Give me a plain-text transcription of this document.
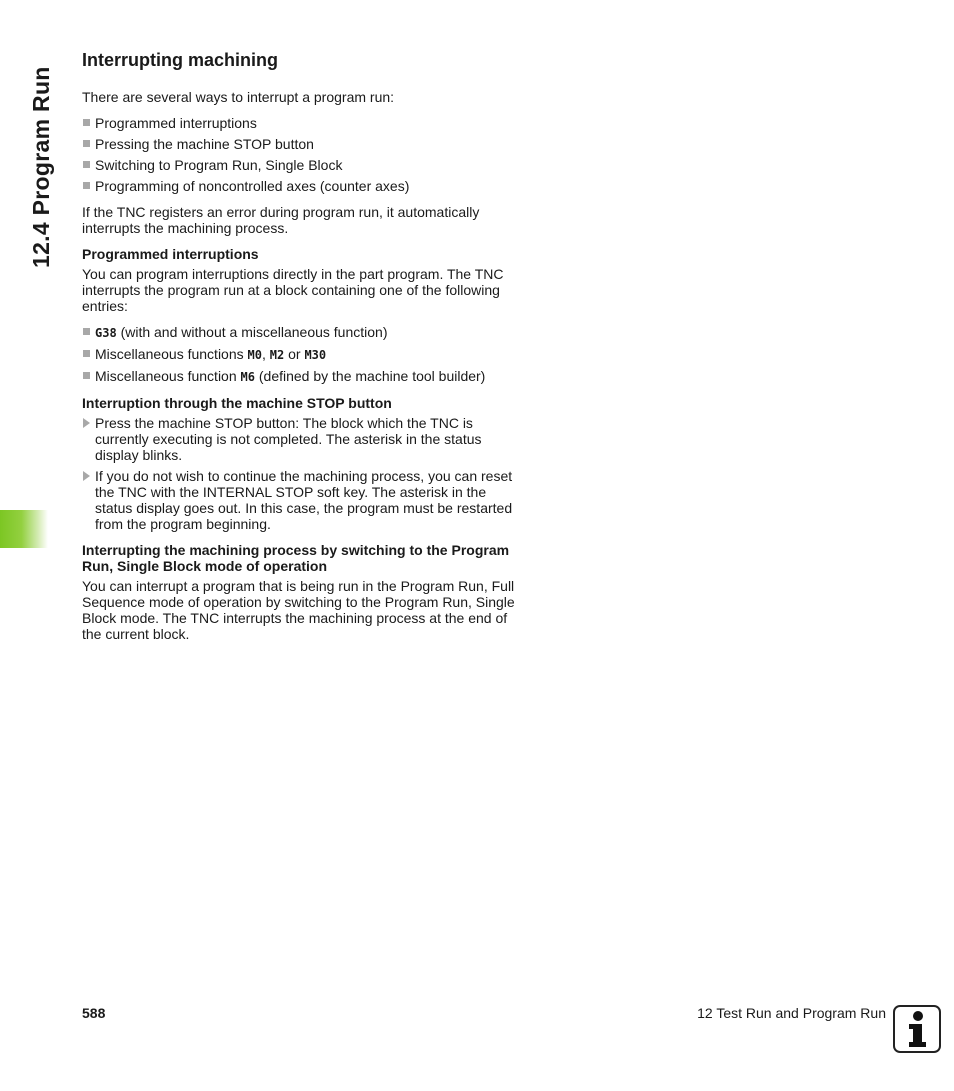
12.4 Program Run
Interrupting machining

There are several ways to interrupt a program run:

Programmed interruptions
Pressing the machine STOP button
Switching to Program Run, Single Block
Programming of noncontrolled axes (counter axes)

If the TNC registers an error during program run, it automatically interrupts the machining process.

Programmed interruptions

You can program interruptions directly in the part program. The TNC interrupts the program run at a block containing one of the following entries:

G38 (with and without a miscellaneous function)
Miscellaneous functions M0, M2 or M30
Miscellaneous function M6 (defined by the machine tool builder)
Interruption through the machine STOP button
Press the machine STOP button: The block which the TNC is currently executing is not completed. The asterisk in the status display blinks.
If you do not wish to continue the machining process, you can reset the TNC with the INTERNAL STOP soft key. The asterisk in the status display goes out. In this case, the program must be restarted from the program beginning.
Interrupting the machining process by switching to the Program Run, Single Block mode of operation

You can interrupt a program that is being run in the Program Run, Full Sequence mode of operation by switching to the Program Run, Single Block mode. The TNC interrupts the machining process at the end of the current block.

588	12 Test Run and Program Run
